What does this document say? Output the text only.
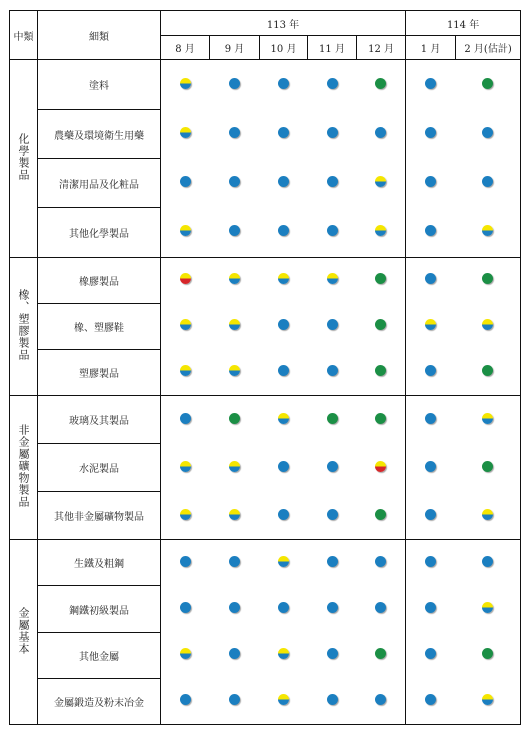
中類	細類	113 年					114 年	
		8 月	9 月	10 月	11 月	12 月	1 月	2 月(估計)
化學製品	塗料							
	農藥及環境衛生用藥							
	清潔用品及化粧品							
	其他化學製品							
橡、塑膠製品	橡膠製品							
	橡、塑膠鞋							
	塑膠製品							
非金屬礦物製品	玻璃及其製品							
	水泥製品							
	其他非金屬礦物製品							
金屬基本	生鐵及粗鋼							
	鋼鐵初級製品							
	其他金屬							
	金屬鍛造及粉末冶金							
